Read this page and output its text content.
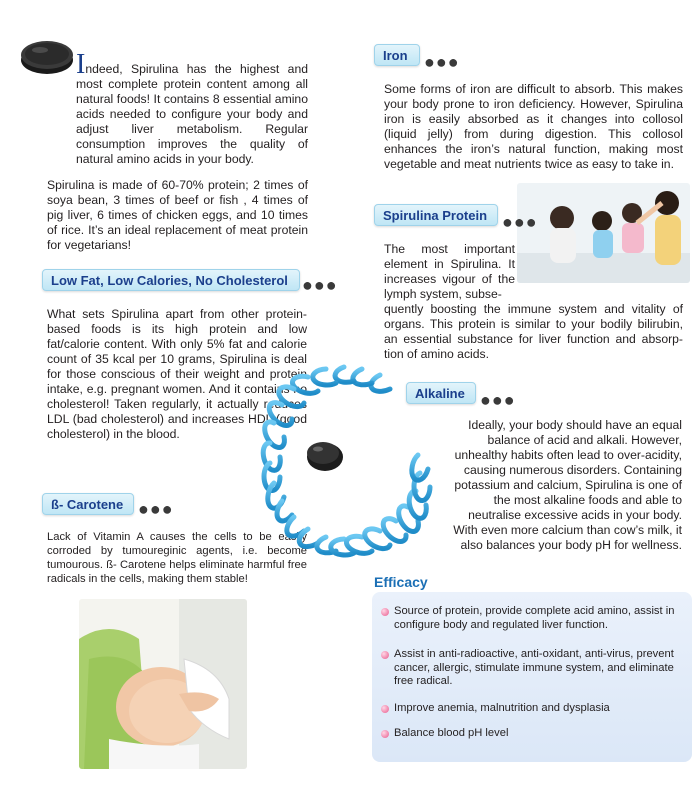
Indeed, Spirulina has the highest and most complete protein content among all natural foods! It contains 8 essential amino acids needed to configure your body and adjust liver metabolism. Regular consumption improves the quality of natural amino acids in your body.
Spirulina is made of 60-70% protein; 2 times of soya bean, 3 times of beef or fish , 4 times of pig liver, 6 times of chicken eggs, and 10 times of rice. It’s an ideal replacement of meat protein for vegetarians!
Low Fat, Low Calories, No Cholesterol ●●●
What sets Spirulina apart from other protein-based foods is its high protein and low fat/calorie content. With only 5% fat and calorie count of 35 kcal per 10 grams, Spirulina is deal for those conscious of their weight and protein intake, e.g. pregnant women. And it contains no cholesterol! Taken regularly, it actually reduces LDL (bad cholesterol) and increases HDL (good cholesterol) in the blood.
ß- Carotene ●●●
Lack of Vitamin A causes the cells to be easily corroded by tumoureginic agents, i.e. become tumourous. ß- Carotene helps eliminate harmful free radicals in the cells, making them stable!
Iron ●●●
Some forms of iron are difficult to absorb. This makes your body prone to iron deficiency. However, Spirulina iron is easily absorbed as it changes into collosol (liquid jelly) from during digestion. This collosol enhances the iron’s natural function, making most vegetable and meat nutrients twice as easy to take in.
Spirulina Protein ●●●
The most important element in Spirulina. It increases vigour of the lymph system, subse-
quently boosting the immune system and vitality of organs. This protein is similar to your bodily bilirubin, an essential substance for liver function and absorp-tion of amino acids.
Alkaline ●●●
Ideally, your body should have an equal balance of acid and alkali. However, unhealthy habits often lead to over-acidity, causing numerous disorders. Containing potassium and calcium, Spirulina is one of the most alkaline foods and able to neutralise excessive acids in your body. With even more calcium than cow’s milk, it also balances your body pH for wellness.
Efficacy
Source of protein, provide complete acid amino, assist in configure body and regulated liver function.
Assist in anti-radioactive, anti-oxidant, anti-virus, prevent cancer, allergic, stimulate immune system, and eliminate free radical.
Improve anemia, malnutrition and dysplasia
Balance blood pH level
